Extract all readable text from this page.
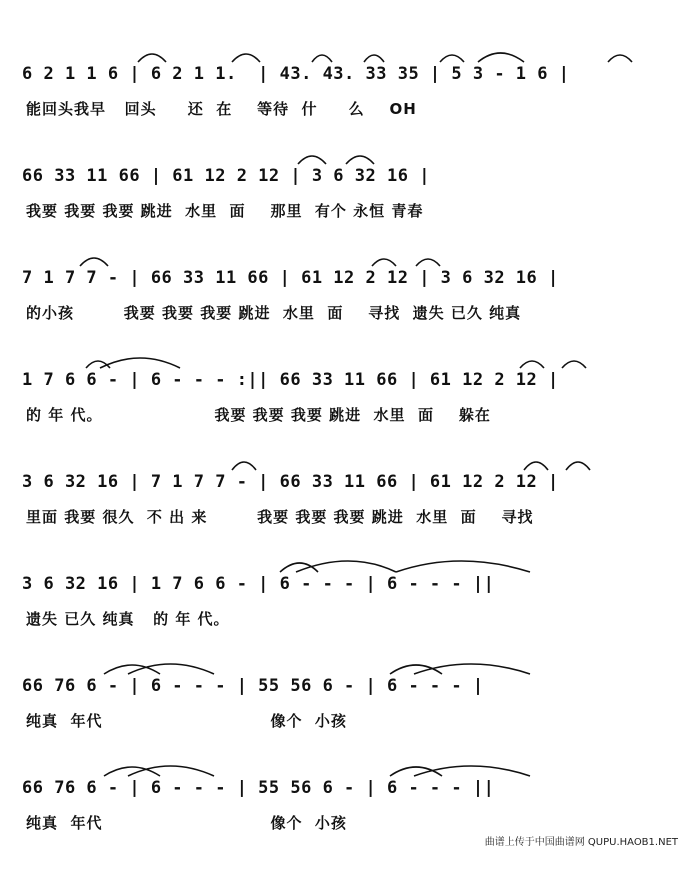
6 2 1 1 6 | 6 2 1 1.  | 43. 43. 33 35 | 5 3 - 1 6 |
能回头我早   回头     还  在    等待  什     么    OH
66 33 11 66 | 61 12 2 12 | 3 6 32 16 |
我要 我要 我要 跳进  水里  面    那里  有个 永恒 青春
7 1 7 7 - | 66 33 11 66 | 61 12 2 12 | 3 6 32 16 |
的小孩        我要 我要 我要 跳进  水里  面    寻找  遗失 已久 纯真
1 7 6 6 - | 6 - - - :|| 66 33 11 66 | 61 12 2 12 |
的 年 代。                  我要 我要 我要 跳进  水里  面    躲在
3 6 32 16 | 7 1 7 7 - | 66 33 11 66 | 61 12 2 12 |
里面 我要 很久  不 出 来        我要 我要 我要 跳进  水里  面    寻找
3 6 32 16 | 1 7 6 6 - | 6 - - - | 6 - - - ||
遗失 已久 纯真   的 年 代。
66 76 6 - | 6 - - - | 55 56 6 - | 6 - - - |
纯真  年代                           像个  小孩
66 76 6 - | 6 - - - | 55 56 6 - | 6 - - - ||
纯真  年代                           像个  小孩
曲谱上传于中国曲谱网 QUPU.HAOB1.NET
